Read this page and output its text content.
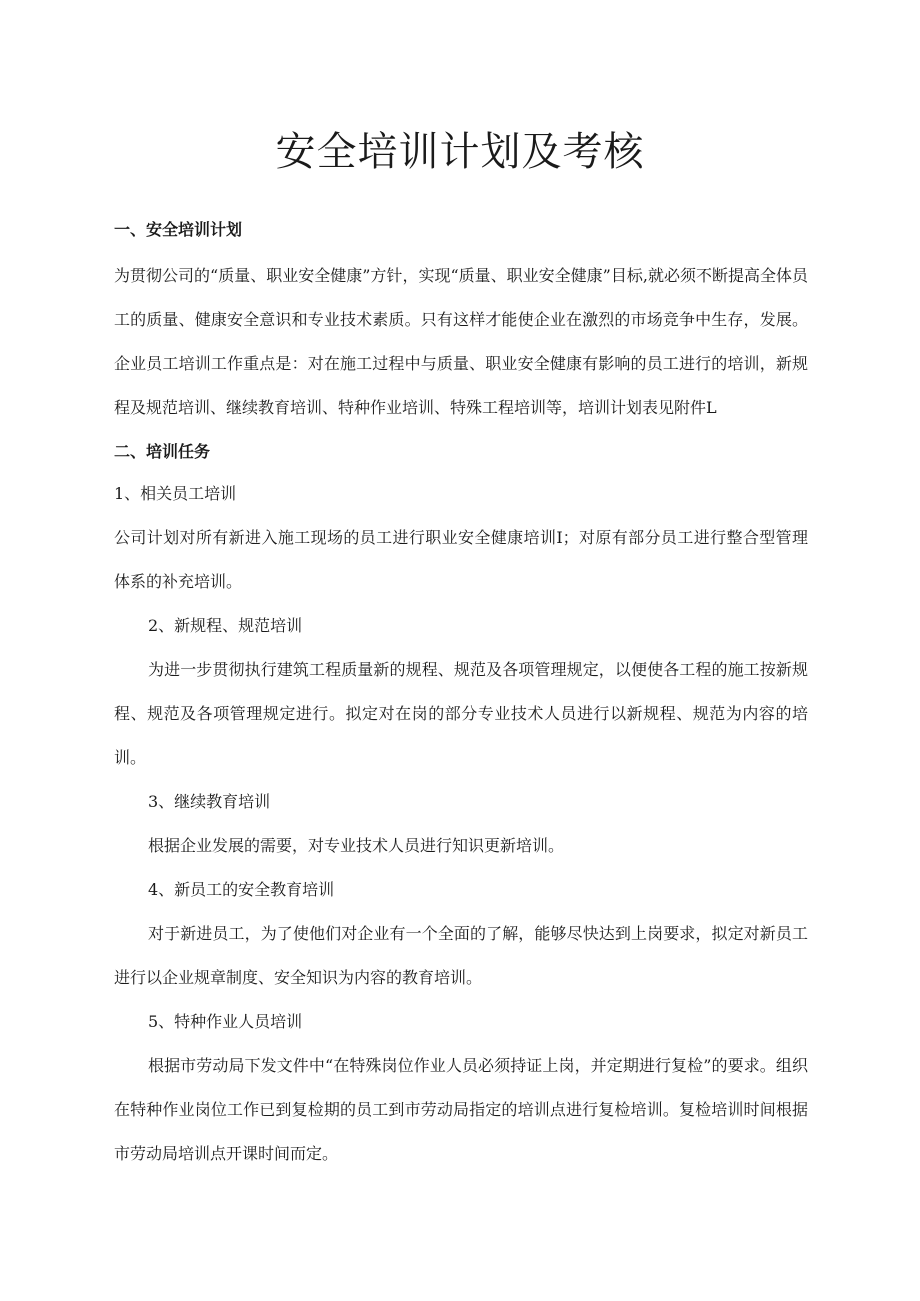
安全培训计划及考核
一、安全培训计划

为贯彻公司的“质量、职业安全健康”方针，实现“质量、职业安全健康”目标,就必须不断提高全体员工的质量、健康安全意识和专业技术素质。只有这样才能使企业在激烈的市场竞争中生存，发展。企业员工培训工作重点是：对在施工过程中与质量、职业安全健康有影响的员工进行的培训，新规程及规范培训、继续教育培训、特种作业培训、特殊工程培训等，培训计划表见附件L

二、培训任务

1、相关员工培训

公司计划对所有新进入施工现场的员工进行职业安全健康培训I；对原有部分员工进行整合型管理体系的补充培训。

2、新规程、规范培训

为进一步贯彻执行建筑工程质量新的规程、规范及各项管理规定，以便使各工程的施工按新规程、规范及各项管理规定进行。拟定对在岗的部分专业技术人员进行以新规程、规范为内容的培训。

3、继续教育培训

根据企业发展的需要，对专业技术人员进行知识更新培训。

4、新员工的安全教育培训

对于新进员工，为了使他们对企业有一个全面的了解，能够尽快达到上岗要求，拟定对新员工进行以企业规章制度、安全知识为内容的教育培训。

5、特种作业人员培训

根据市劳动局下发文件中“在特殊岗位作业人员必须持证上岗，并定期进行复检”的要求。组织在特种作业岗位工作已到复检期的员工到市劳动局指定的培训点进行复检培训。复检培训时间根据市劳动局培训点开课时间而定。
